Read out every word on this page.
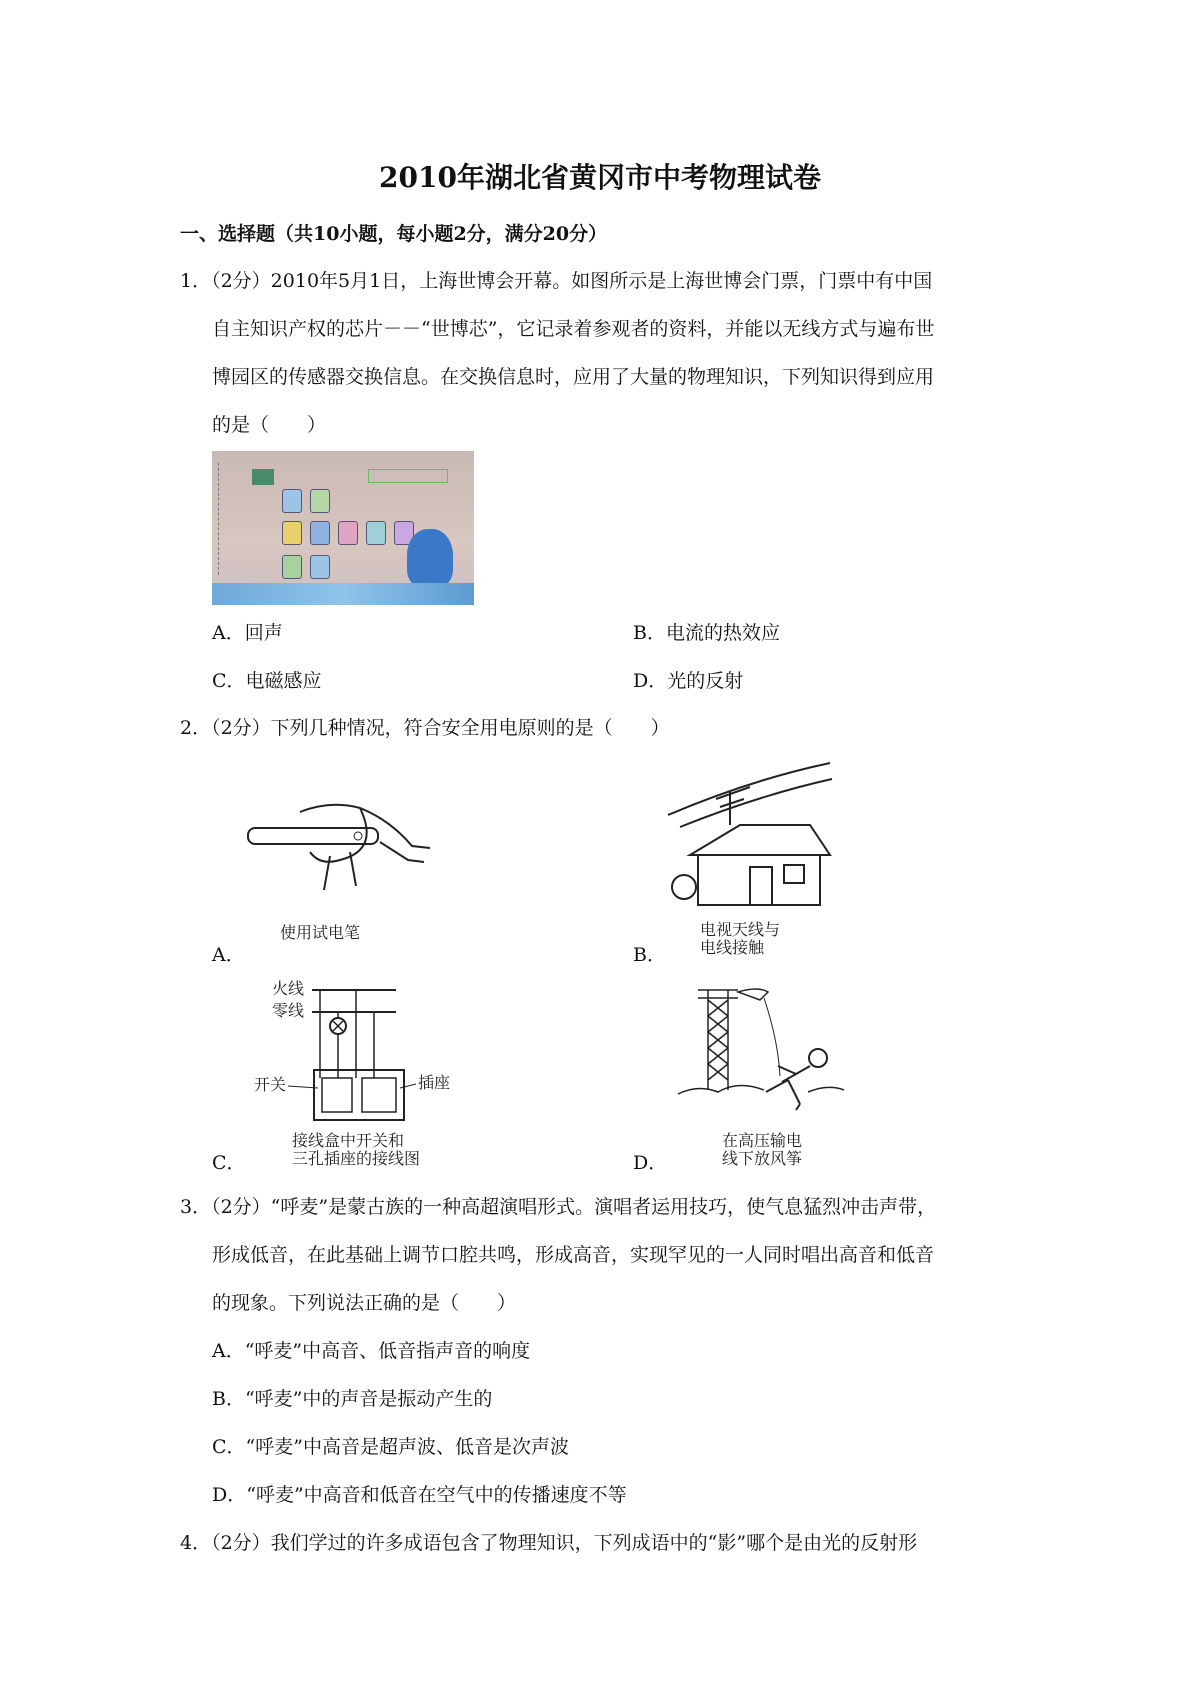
2010年湖北省黄冈市中考物理试卷
一、选择题（共10小题，每小题2分，满分20分）
1．（2分）2010年5月1日，上海世博会开幕。如图所示是上海世博会门票，门票中有中国
自主知识产权的芯片－－“世博芯”，它记录着参观者的资料，并能以无线方式与遍布世
博园区的传感器交换信息。在交换信息时，应用了大量的物理知识，下列知识得到应用
的是（　　）
A．回声	B．电流的热效应
C．电磁感应	D．光的反射
2．（2分）下列几种情况，符合安全用电原则的是（　　）
使用试电笔
A．
电视天线与
电线接触
B．
火线
零线
开关	插座
接线盒中开关和
三孔插座的接线图
C．
在高压输电
线下放风筝
D．
3．（2分）“呼麦”是蒙古族的一种高超演唱形式。演唱者运用技巧，使气息猛烈冲击声带，
形成低音，在此基础上调节口腔共鸣，形成高音，实现罕见的一人同时唱出高音和低音
的现象。下列说法正确的是（　　）
A．“呼麦”中高音、低音指声音的响度
B．“呼麦”中的声音是振动产生的
C．“呼麦”中高音是超声波、低音是次声波
D．“呼麦”中高音和低音在空气中的传播速度不等
4．（2分）我们学过的许多成语包含了物理知识，下列成语中的“影”哪个是由光的反射形
